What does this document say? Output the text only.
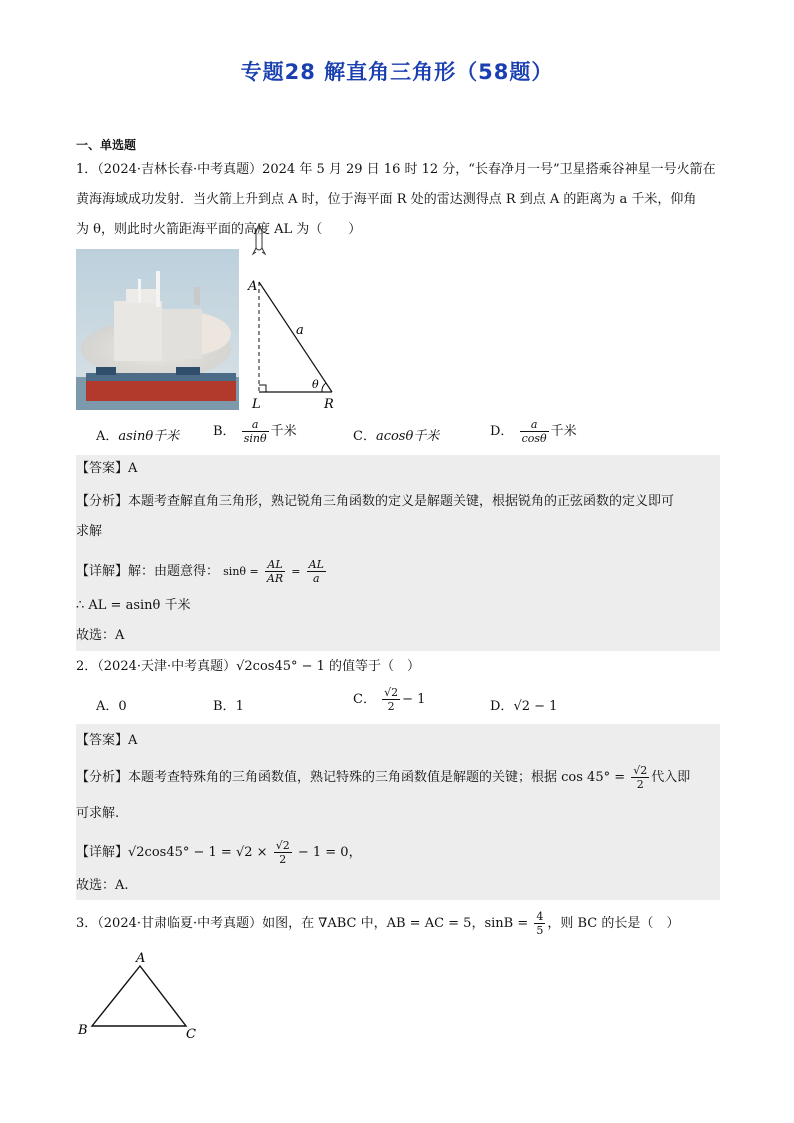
专题28 解直角三角形（58题）
一、单选题
1．（2024·吉林长春·中考真题）2024 年 5 月 29 日 16 时 12 分，“长春净月一号”卫星搭乘谷神星一号火箭在
黄海海域成功发射．当火箭上升到点 A 时，位于海平面 R 处的雷达测得点 R 到点 A 的距离为 a 千米，仰角
为 θ，则此时火箭距海平面的高度 AL 为（　　）
A
a
θ
L	R
A．asinθ千米	B． $\frac{a}{\sin\theta}$ 千米	C．acosθ千米	D． $\frac{a}{\cos\theta}$ 千米
【答案】A
【分析】本题考查解直角三角形，熟记锐角三角函数的定义是解题关键，根据锐角的正弦函数的定义即可
求解
【详解】解：由题意得： $\sin\theta = \frac{AL}{AR} = \frac{AL}{a}$
∴ AL = asinθ 千米
故选：A
2．（2024·天津·中考真题）√2cos45° − 1 的值等于（　）
A．0	B．1	C． $\frac{√2}{2} - 1$	D．√2 − 1
【答案】A
【分析】本题考查特殊角的三角函数值，熟记特殊的三角函数值是解题的关键；根据 $\cos 45^\circ = \frac{√2}{2}$ 代入即
可求解.
【详解】$√2\cos 45^\circ - 1 = √2 \times \frac{√2}{2} - 1 = 0$，
故选：A.
3．（2024·甘肃临夏·中考真题）如图，在 ∇ABC 中，AB = AC = 5，$\sin B = \frac{4}{5}$ ，则 BC 的长是（　）
A
B	C
